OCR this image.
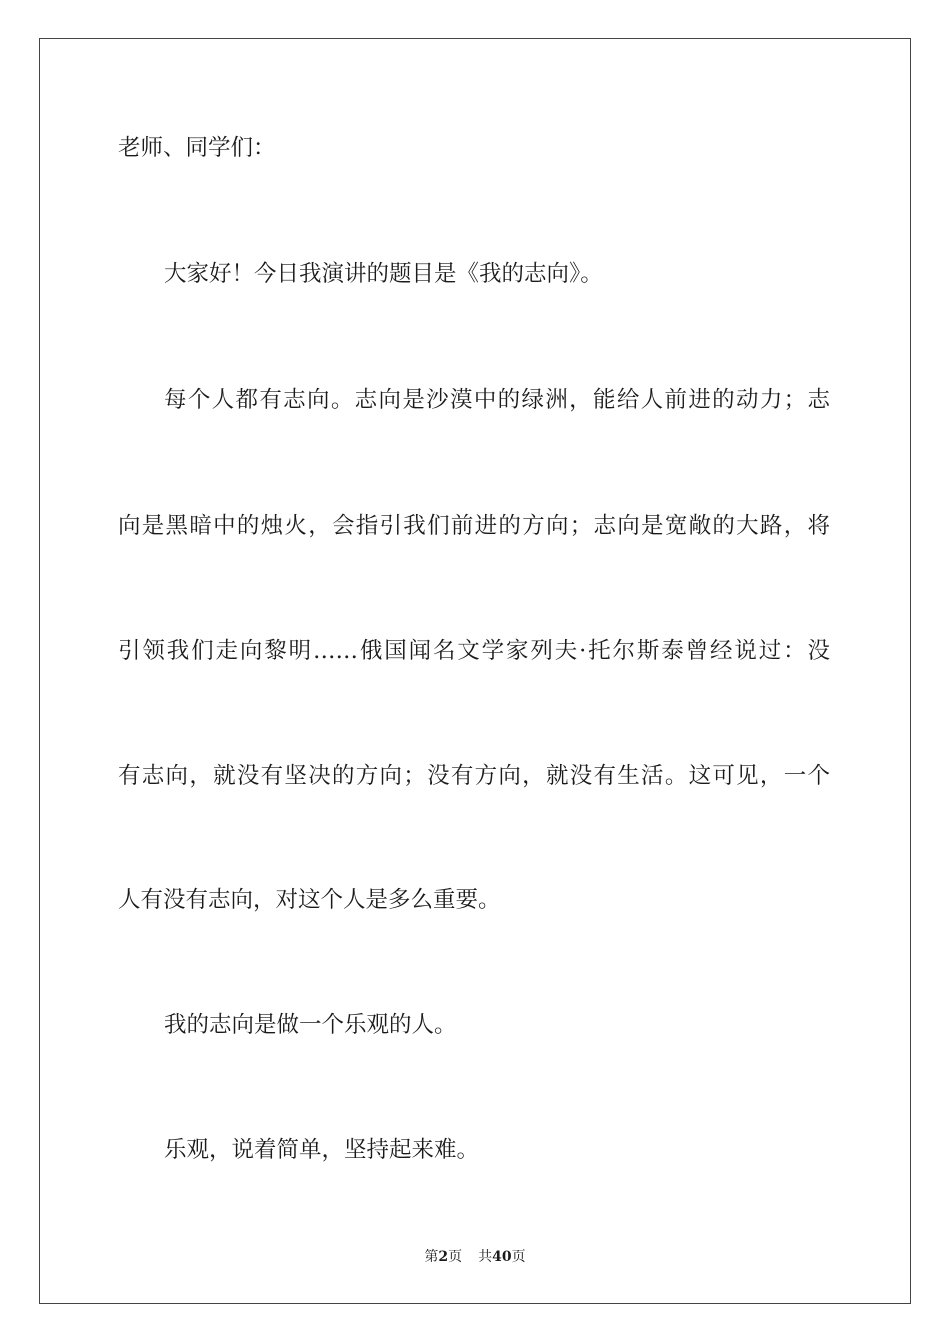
老师、同学们：
大家好！今日我演讲的题目是《我的志向》。
每个人都有志向。志向是沙漠中的绿洲，能给人前进的动力；志
向是黑暗中的烛火，会指引我们前进的方向；志向是宽敞的大路，将
引领我们走向黎明……俄国闻名文学家列夫·托尔斯泰曾经说过：没
有志向，就没有坚决的方向；没有方向，就没有生活。这可见，一个
人有没有志向，对这个人是多么重要。
我的志向是做一个乐观的人。
乐观，说着简单，坚持起来难。
第2页 共40页
